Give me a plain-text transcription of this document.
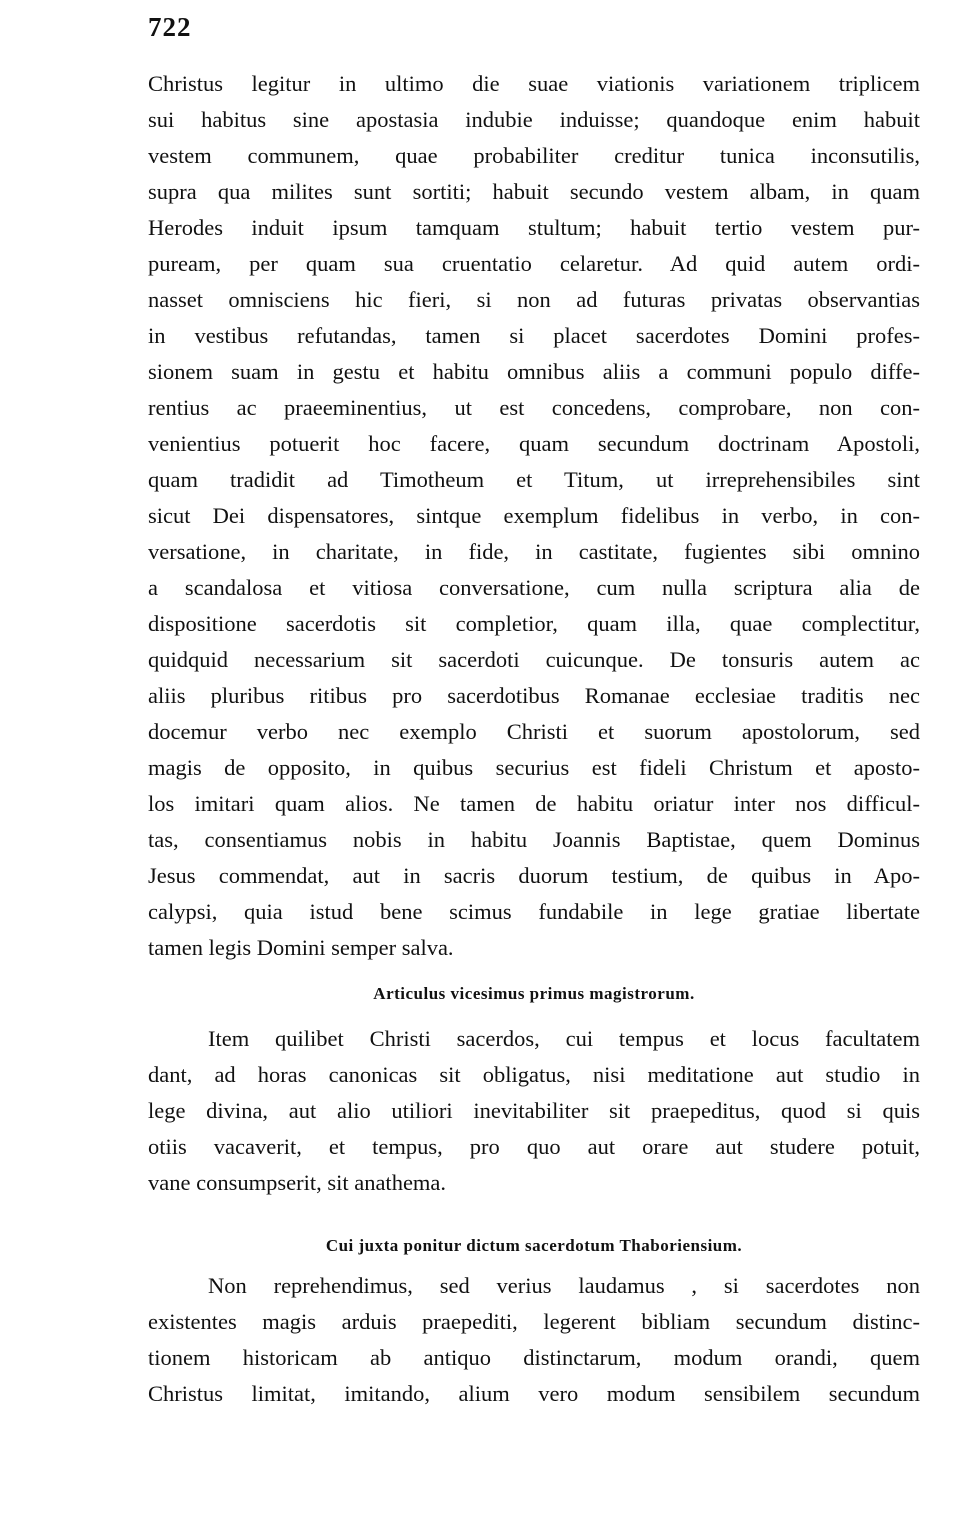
722
Christus legitur in ultimo die suae viationis variationem triplicem
sui habitus sine apostasia indubie induisse; quandoque enim habuit
vestem communem, quae probabiliter creditur tunica inconsutilis,
supra qua milites sunt sortiti; habuit secundo vestem albam, in quam
Herodes induit ipsum tamquam stultum; habuit tertio vestem pur-
puream, per quam sua cruentatio celaretur. Ad quid autem ordi-
nasset omnisciens hic fieri, si non ad futuras privatas observantias
in vestibus refutandas, tamen si placet sacerdotes Domini profes-
sionem suam in gestu et habitu omnibus aliis a communi populo diffe-
rentius ac praeeminentius, ut est concedens, comprobare, non con-
venientius potuerit hoc facere, quam secundum doctrinam Apostoli,
quam tradidit ad Timotheum et Titum, ut irreprehensibiles sint
sicut Dei dispensatores, sintque exemplum fidelibus in verbo, in con-
versatione, in charitate, in fide, in castitate, fugientes sibi omnino
a scandalosa et vitiosa conversatione, cum nulla scriptura alia de
dispositione sacerdotis sit completior, quam illa, quae complectitur,
quidquid necessarium sit sacerdoti cuicunque. De tonsuris autem ac
aliis pluribus ritibus pro sacerdotibus Romanae ecclesiae traditis nec
docemur verbo nec exemplo Christi et suorum apostolorum, sed
magis de opposito, in quibus securius est fideli Christum et aposto-
los imitari quam alios. Ne tamen de habitu oriatur inter nos difficul-
tas, consentiamus nobis in habitu Joannis Baptistae, quem Dominus
Jesus commendat, aut in sacris duorum testium, de quibus in Apo-
calypsi, quia istud bene scimus fundabile in lege gratiae libertate
tamen legis Domini semper salva.
Articulus vicesimus primus magistrorum.
Item quilibet Christi sacerdos, cui tempus et locus facultatem
dant, ad horas canonicas sit obligatus, nisi meditatione aut studio in
lege divina, aut alio utiliori inevitabiliter sit praepeditus, quod si quis
otiis vacaverit, et tempus, pro quo aut orare aut studere potuit,
vane consumpserit, sit anathema.
Cui juxta ponitur dictum sacerdotum Thaboriensium.
Non reprehendimus, sed verius laudamus , si sacerdotes non
existentes magis arduis praepediti, legerent bibliam secundum distinc-
tionem historicam ab antiquo distinctarum, modum orandi, quem
Christus limitat, imitando, alium vero modum sensibilem secundum
